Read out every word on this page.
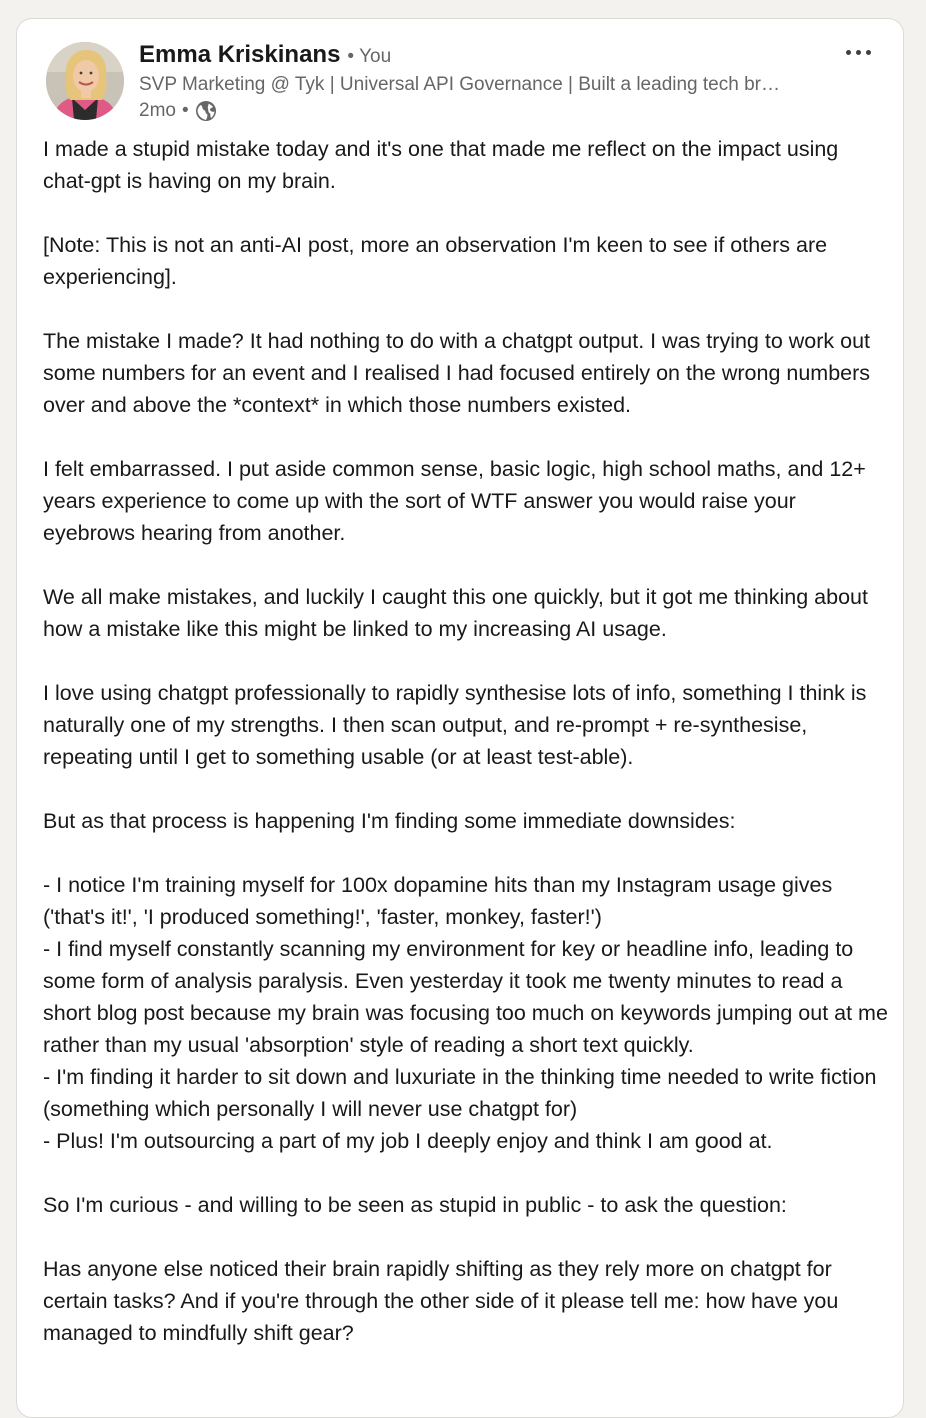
Emma Kriskinans • You
SVP Marketing @ Tyk | Universal API Governance | Built a leading tech br…
2mo •

I made a stupid mistake today and it's one that made me reflect on the impact using chat-gpt is having on my brain.

[Note: This is not an anti-AI post, more an observation I'm keen to see if others are experiencing].

The mistake I made? It had nothing to do with a chatgpt output. I was trying to work out some numbers for an event and I realised I had focused entirely on the wrong numbers over and above the *context* in which those numbers existed.

I felt embarrassed. I put aside common sense, basic logic, high school maths, and 12+ years experience to come up with the sort of WTF answer you would raise your eyebrows hearing from another.

We all make mistakes, and luckily I caught this one quickly, but it got me thinking about how a mistake like this might be linked to my increasing AI usage.

I love using chatgpt professionally to rapidly synthesise lots of info, something I think is naturally one of my strengths. I then scan output, and re-prompt + re-synthesise, repeating until I get to something usable (or at least test-able).

But as that process is happening I'm finding some immediate downsides:

- I notice I'm training myself for 100x dopamine hits than my Instagram usage gives ('that's it!', 'I produced something!', 'faster, monkey, faster!')
- I find myself constantly scanning my environment for key or headline info, leading to some form of analysis paralysis. Even yesterday it took me twenty minutes to read a short blog post because my brain was focusing too much on keywords jumping out at me rather than my usual 'absorption' style of reading a short text quickly.
- I'm finding it harder to sit down and luxuriate in the thinking time needed to write fiction (something which personally I will never use chatgpt for)
- Plus! I'm outsourcing a part of my job I deeply enjoy and think I am good at.

So I'm curious - and willing to be seen as stupid in public - to ask the question:

Has anyone else noticed their brain rapidly shifting as they rely more on chatgpt for certain tasks? And if you're through the other side of it please tell me: how have you managed to mindfully shift gear?
